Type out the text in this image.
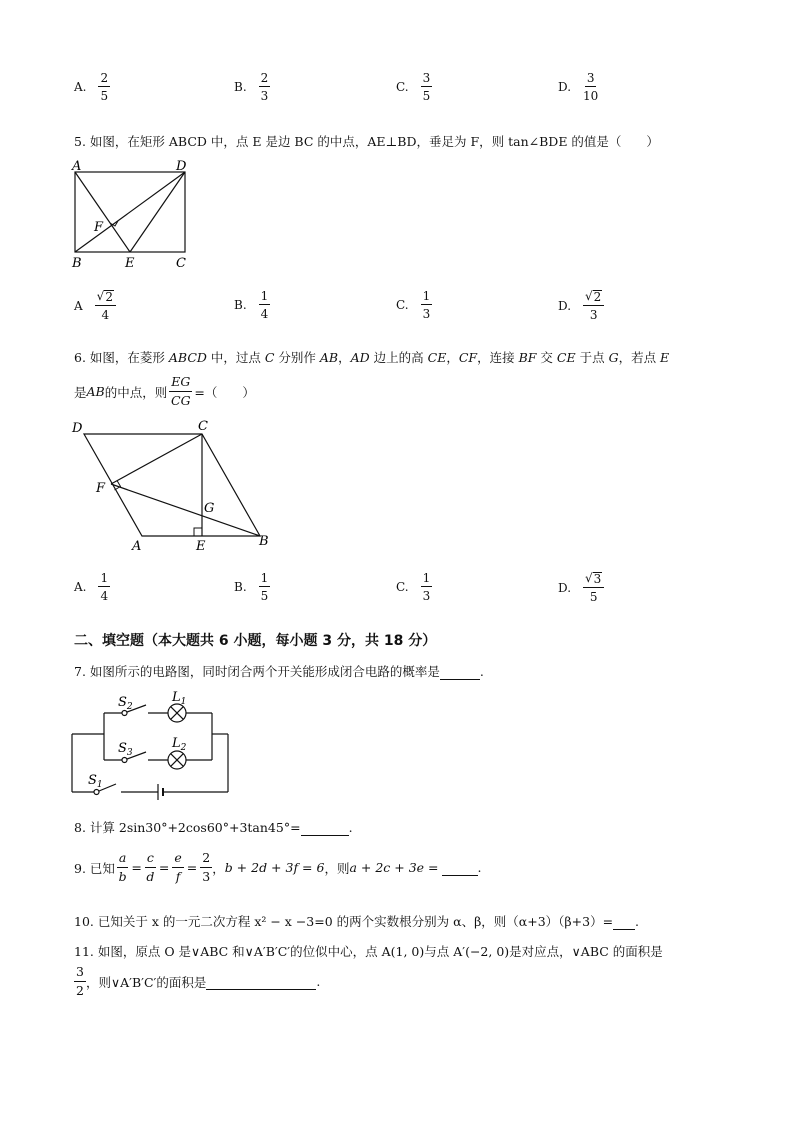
A. $\frac{2}{5}$	B. $\frac{2}{3}$	C. $\frac{3}{5}$	D. $\frac{3}{10}$
5. 如图，在矩形 ABCD 中，点 E 是边 BC 的中点，AE⊥BD，垂足为 F，则 tan∠BDE 的值是（　　）
A	D
B	E	C
F
A $\frac{√ 2}{4}$	B. $\frac{1}{4}$	C. $\frac{1}{3}$	D. $\frac{√ 2}{3}$
6. 如图，在菱形 ABCD 中，过点 C 分别作 AB，AD 边上的高 CE，CF，连接 BF 交 CE 于点 G，若点 E
是 AB 的中点，则 $\frac{EG}{CG}$ =（　　）
D	C
F
G
A	E	B
A. $\frac{1}{4}$	B. $\frac{1}{5}$	C. $\frac{1}{3}$	D. $\frac{√ 3}{5}$
二、填空题（本大题共 6 小题，每小题 3 分，共 18 分）
7. 如图所示的电路图，同时闭合两个开关能形成闭合电路的概率是	.
$S_2$
$L_1$
$S_3$
$L_2$
$S_1$
8. 计算 2sin30°+2cos60°+3tan45°=	.
9. 已知 $\frac{a}{b} = \frac{c}{d} = \frac{e}{f} = \frac{2}{3}$ ， b + 2d + 3f = 6 ，则 a + 2c + 3e =	.
10. 已知关于 x 的一元二次方程 x² − x −3=0 的两个实数根分别为 α、β，则（α+3）（β+3）= .
11. 如图，原点 O 是∨ABC 和∨A′B′C′的位似中心，点 A(1, 0)与点 A′(−2, 0)是对应点，∨ABC 的面积是
$\frac{3}{2}$ ，则∨A′B′C′的面积是	.
